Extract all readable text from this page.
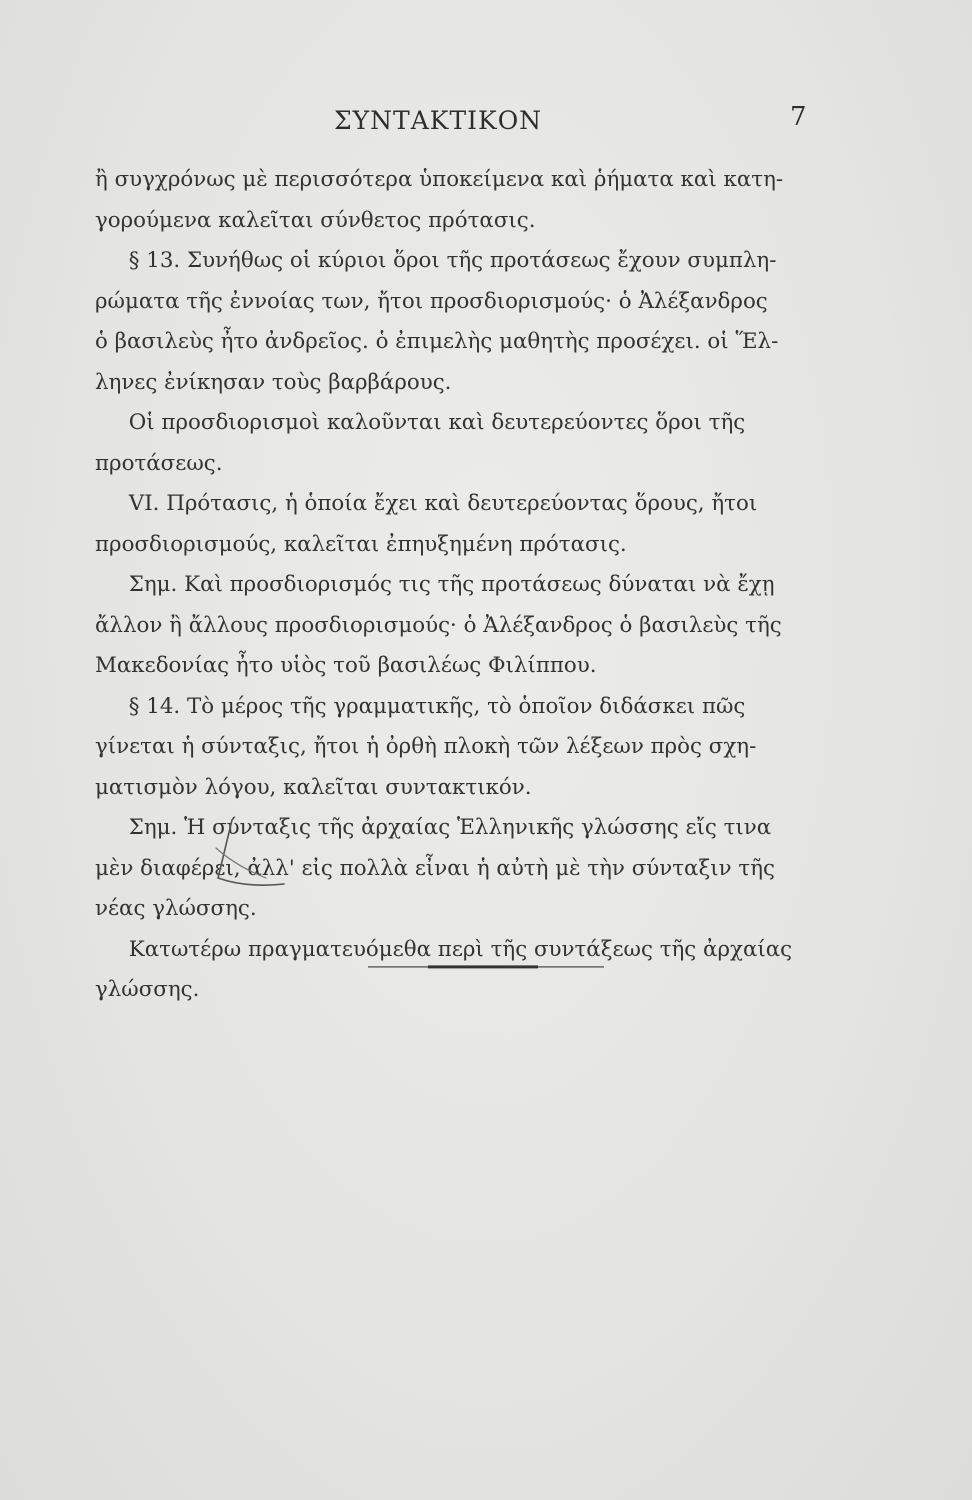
ΣΥΝΤΑΚΤΙΚΟΝ	7
ἢ συγχρόνως μὲ περισσότερα ὑποκείμενα καὶ ῥήματα καὶ κατη-
γορούμενα καλεῖται σύνθετος πρότασις.
§ 13. Συνήθως οἱ κύριοι ὅροι τῆς προτάσεως ἔχουν συμπλη-
ρώματα τῆς ἐννοίας των, ἤτοι προσδιορισμούς· ὁ Ἀλέξανδρος
ὁ βασιλεὺς ἦτο ἀνδρεῖος. ὁ ἐπιμελὴς μαθητὴς προσέχει. οἱ Ἕλ-
ληνες ἐνίκησαν τοὺς βαρβάρους.
Οἱ προσδιορισμοὶ καλοῦνται καὶ δευτερεύοντες ὅροι τῆς
προτάσεως.
VI. Πρότασις, ἡ ὁποία ἔχει καὶ δευτερεύοντας ὅρους, ἤτοι
προσδιορισμούς, καλεῖται ἐπηυξημένη πρότασις.
Σημ. Καὶ προσδιορισμός τις τῆς προτάσεως δύναται νὰ ἔχῃ
ἄλλον ἢ ἄλλους προσδιορισμούς· ὁ Ἀλέξανδρος ὁ βασιλεὺς τῆς
Μακεδονίας ἦτο υἱὸς τοῦ βασιλέως Φιλίππου.
§ 14. Τὸ μέρος τῆς γραμματικῆς, τὸ ὁποῖον διδάσκει πῶς
γίνεται ἡ σύνταξις, ἤτοι ἡ ὀρθὴ πλοκὴ τῶν λέξεων πρὸς σχη-
ματισμὸν λόγου, καλεῖται συντακτικόν.
Σημ. Ἡ σύνταξις τῆς ἀρχαίας Ἑλληνικῆς γλώσσης εἴς τινα
μὲν διαφέρει, ἀλλ' εἰς πολλὰ εἶναι ἡ αὐτὴ μὲ τὴν σύνταξιν τῆς
νέας γλώσσης.
Κατωτέρω πραγματευόμεθα περὶ τῆς συντάξεως τῆς ἀρχαίας
γλώσσης.
